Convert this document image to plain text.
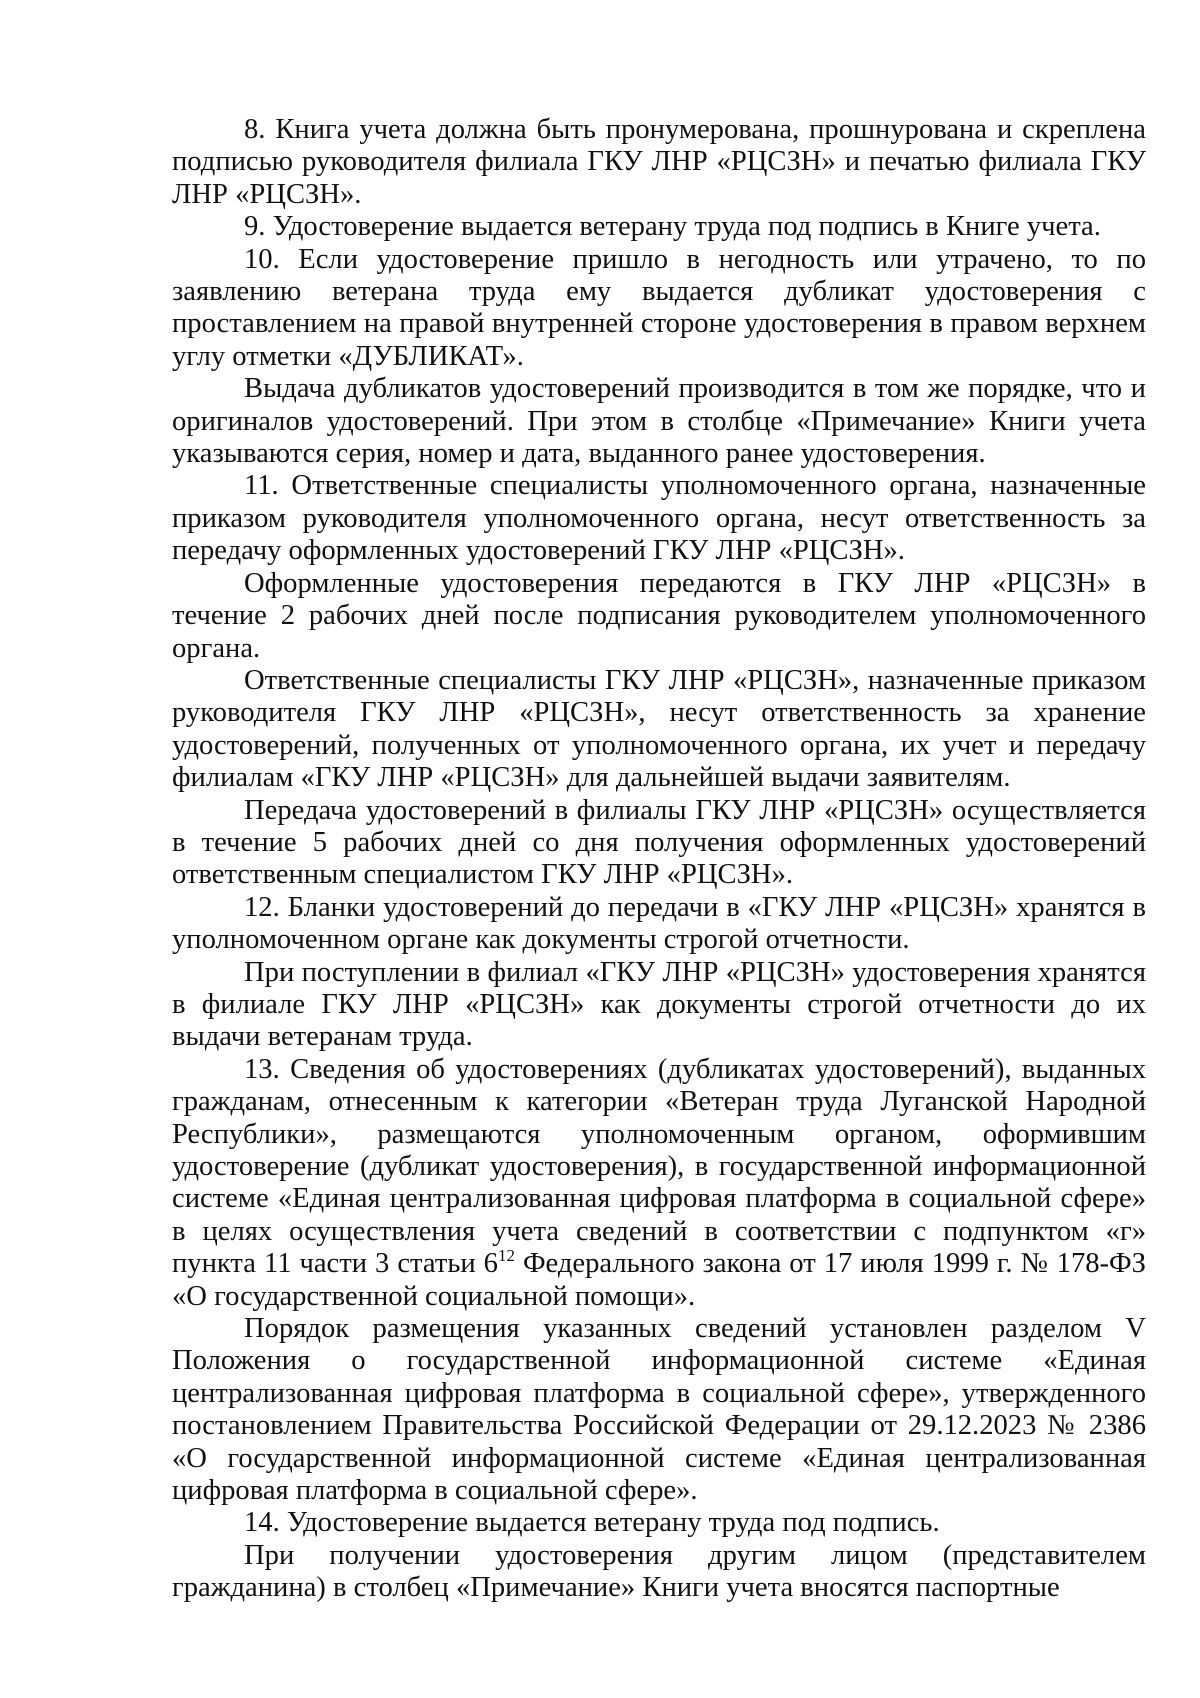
8. Книга учета должна быть пронумерована, прошнурована и скреплена подписью руководителя филиала ГКУ ЛНР «РЦСЗН» и печатью филиала ГКУ ЛНР «РЦСЗН».

9. Удостоверение выдается ветерану труда под подпись в Книге учета.

10. Если удостоверение пришло в негодность или утрачено, то по заявлению ветерана труда ему выдается дубликат удостоверения с проставлением на правой внутренней стороне удостоверения в правом верхнем углу отметки «ДУБЛИКАТ».

Выдача дубликатов удостоверений производится в том же порядке, что и оригиналов удостоверений. При этом в столбце «Примечание» Книги учета указываются серия, номер и дата, выданного ранее удостоверения.

11. Ответственные специалисты уполномоченного органа, назначенные приказом руководителя уполномоченного органа, несут ответственность за передачу оформленных удостоверений ГКУ ЛНР «РЦСЗН».

Оформленные удостоверения передаются в ГКУ ЛНР «РЦСЗН» в течение 2 рабочих дней после подписания руководителем уполномоченного органа.

Ответственные специалисты ГКУ ЛНР «РЦСЗН», назначенные приказом руководителя ГКУ ЛНР «РЦСЗН», несут ответственность за хранение удостоверений, полученных от уполномоченного органа, их учет и передачу филиалам «ГКУ ЛНР «РЦСЗН» для дальнейшей выдачи заявителям.

Передача удостоверений в филиалы ГКУ ЛНР «РЦСЗН» осуществляется в течение 5 рабочих дней со дня получения оформленных удостоверений ответственным специалистом ГКУ ЛНР «РЦСЗН».

12. Бланки удостоверений до передачи в «ГКУ ЛНР «РЦСЗН» хранятся в уполномоченном органе как документы строгой отчетности.

При поступлении в филиал «ГКУ ЛНР «РЦСЗН» удостоверения хранятся в филиале ГКУ ЛНР «РЦСЗН» как документы строгой отчетности до их выдачи ветеранам труда.

13. Сведения об удостоверениях (дубликатах удостоверений), выданных гражданам, отнесенным к категории «Ветеран труда Луганской Народной Республики», размещаются уполномоченным органом, оформившим удостоверение (дубликат удостоверения), в государственной информационной системе «Единая централизованная цифровая платформа в социальной сфере» в целях осуществления учета сведений в соответствии с подпунктом «г» пункта 11 части 3 статьи $6^{12}$ Федерального закона от 17 июля 1999 г. № 178-ФЗ «О государственной социальной помощи».

Порядок размещения указанных сведений установлен разделом V Положения о государственной информационной системе «Единая централизованная цифровая платформа в социальной сфере», утвержденного постановлением Правительства Российской Федерации от 29.12.2023 № 2386 «О государственной информационной системе «Единая централизованная цифровая платформа в социальной сфере».

14. Удостоверение выдается ветерану труда под подпись.

При получении удостоверения другим лицом (представителем гражданина) в столбец «Примечание» Книги учета вносятся паспортные
